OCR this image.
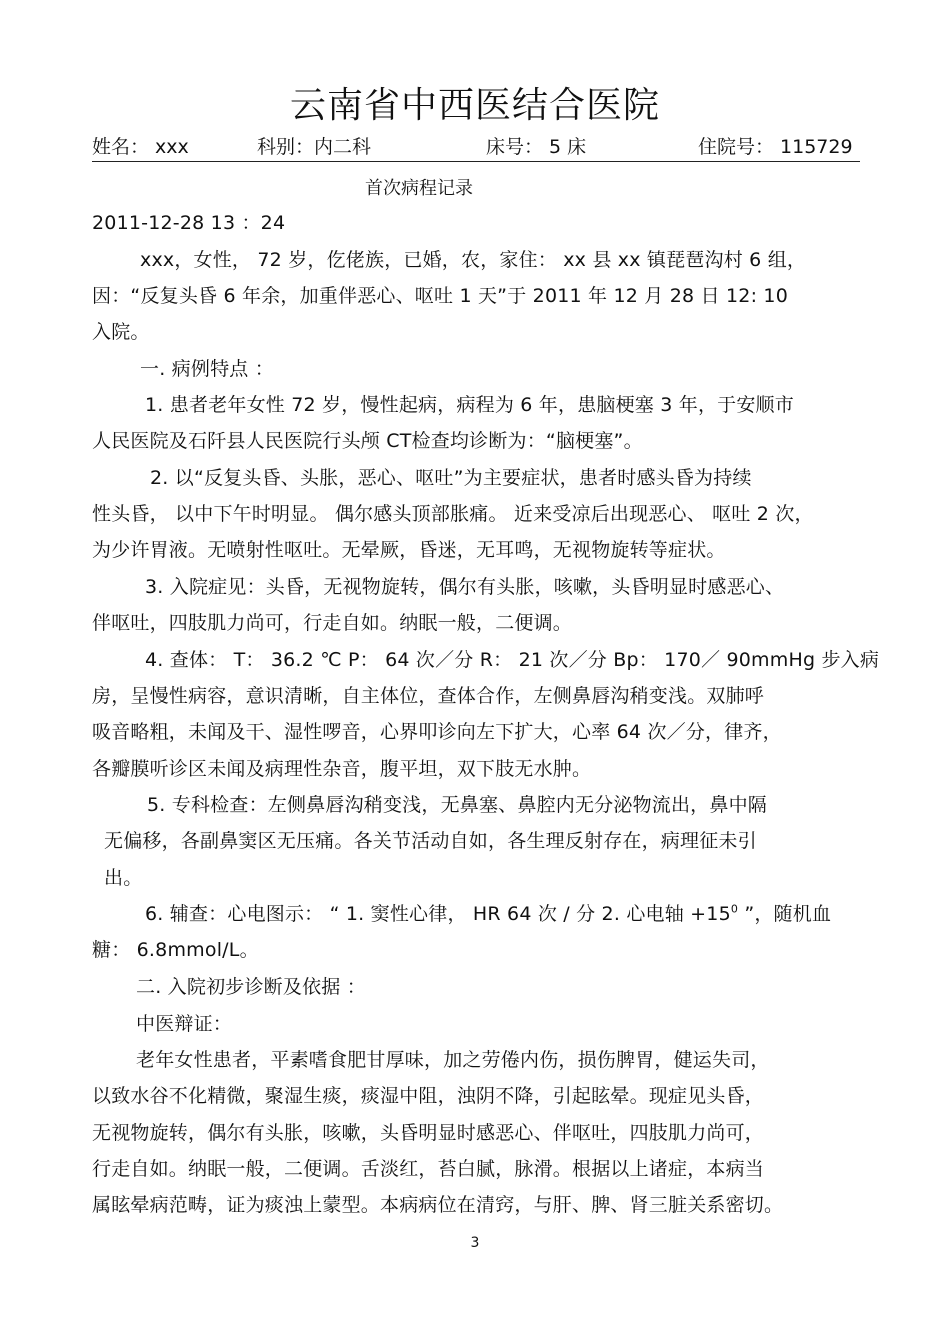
云南省中西医结合医院
姓名： xxx	科别：内二科	床号： 5 床	住院号： 115729
首次病程记录
2011-12-28 13 ：24
xxx，女性， 72 岁，仡佬族，已婚，农，家住： xx 县 xx 镇琵琶沟村 6 组，
因：“反复头昏 6 年余，加重伴恶心、呕吐 1 天”于 2011 年 12 月 28 日 12: 10
入院。
一. 病例特点 ：
1. 患者老年女性 72 岁，慢性起病，病程为 6 年，患脑梗塞 3 年，于安顺市
人民医院及石阡县人民医院行头颅 CT检查均诊断为：“脑梗塞”。
2. 以“反复头昏、头胀，恶心、呕吐”为主要症状，患者时感头昏为持续
性头昏， 以中下午时明显。 偶尔感头顶部胀痛。 近来受凉后出现恶心、 呕吐 2 次，
为少许胃液。无喷射性呕吐。无晕厥，昏迷，无耳鸣，无视物旋转等症状。
3. 入院症见：头昏，无视物旋转，偶尔有头胀，咳嗽，头昏明显时感恶心、
伴呕吐，四肢肌力尚可，行走自如。纳眠一般，二便调。
4. 查体： T： 36.2 ℃ P： 64 次／分 R： 21 次／分 Bp： 170／ 90mmHg 步入病
房，呈慢性病容，意识清晰，自主体位，查体合作，左侧鼻唇沟稍变浅。双肺呼
吸音略粗，未闻及干、湿性啰音，心界叩诊向左下扩大，心率 64 次／分，律齐，
各瓣膜听诊区未闻及病理性杂音，腹平坦，双下肢无水肿。
5. 专科检查：左侧鼻唇沟稍变浅，无鼻塞、鼻腔内无分泌物流出，鼻中隔
无偏移，各副鼻窦区无压痛。各关节活动自如，各生理反射存在，病理征未引
出。
6. 辅查：心电图示： “ 1. 窦性心律， HR 64 次 / 分 2. 心电轴 $+15^0$ ”，随机血
糖： 6.8mmol/L。
二. 入院初步诊断及依据 ：
中医辩证：
老年女性患者，平素嗜食肥甘厚味，加之劳倦内伤，损伤脾胃，健运失司，
以致水谷不化精微，聚湿生痰，痰湿中阻，浊阴不降，引起眩晕。现症见头昏，
无视物旋转，偶尔有头胀，咳嗽，头昏明显时感恶心、伴呕吐，四肢肌力尚可，
行走自如。纳眠一般，二便调。舌淡红，苔白腻，脉滑。根据以上诸症，本病当
属眩晕病范畴，证为痰浊上蒙型。本病病位在清窍，与肝、脾、肾三脏关系密切。
3
